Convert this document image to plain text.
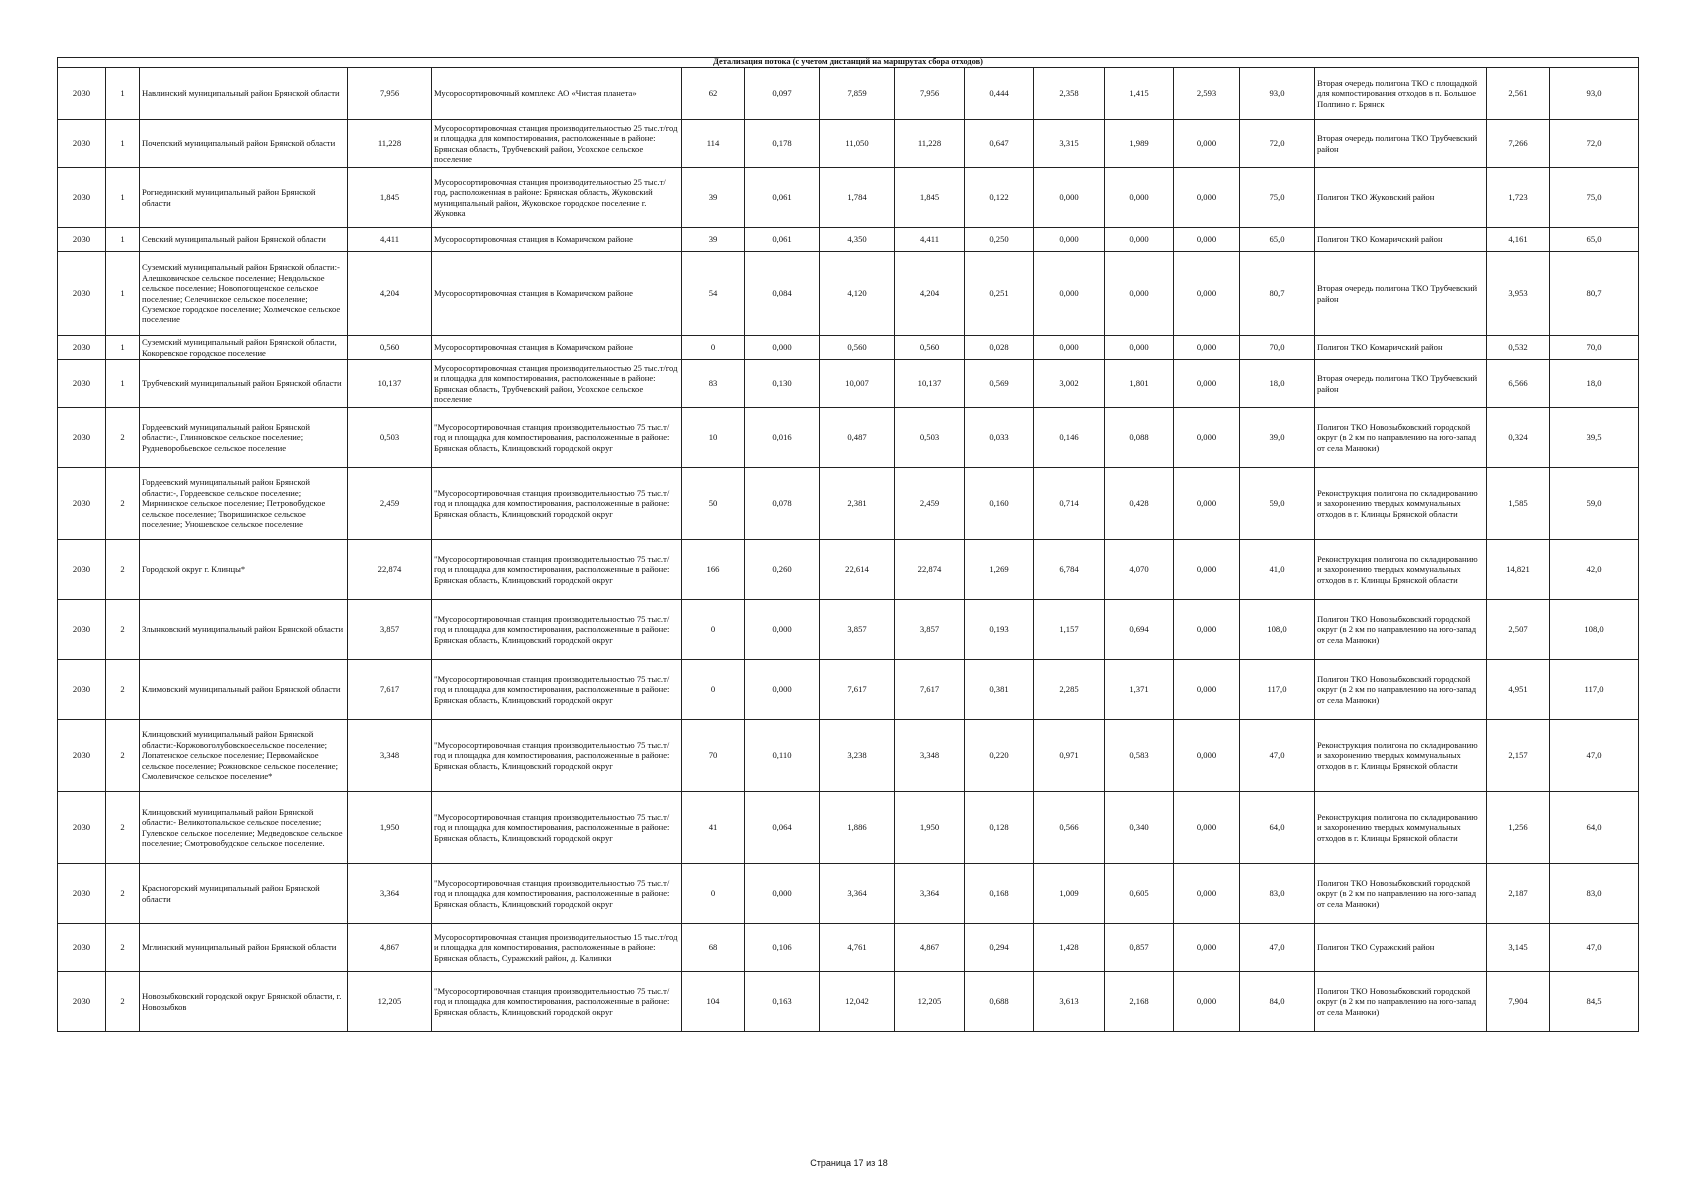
Детализация потока (с учетом дистанций на маршрутах сбора отходов)																
2030	1	Навлинский муниципальный район Брянской области	7,956	Мусоросортировочный комплекс АО «Чистая планета»	62	0,097	7,859	7,956	0,444	2,358	1,415	2,593	93,0	Вторая очередь полигона ТКО с площадкой для компостирования отходов в п. Большое Полпино г. Брянск	2,561	93,0
2030	1	Почепский муниципальный район Брянской области	11,228	Мусоросортировочная станция производительностью 25 тыс.т/год и площадка для компостирования, расположенные в районе: Брянская область, Трубчевский район, Усохское сельское поселение	114	0,178	11,050	11,228	0,647	3,315	1,989	0,000	72,0	Вторая очередь полигона ТКО Трубчевский район	7,266	72,0
2030	1	Рогнединский муниципальный район Брянской области	1,845	Мусоросортировочная станция производительностью 25 тыс.т/год, расположенная в районе: Брянская область, Жуковский муниципальный район, Жуковское городское поселение г. Жуковка	39	0,061	1,784	1,845	0,122	0,000	0,000	0,000	75,0	Полигон ТКО Жуковский район	1,723	75,0
2030	1	Севский муниципальный район Брянской области	4,411	Мусоросортировочная станция в Комаричском районе	39	0,061	4,350	4,411	0,250	0,000	0,000	0,000	65,0	Полигон ТКО Комаричский район	4,161	65,0
2030	1	Суземский муниципальный район Брянской области:- Алешковичское сельское поселение; Невдольское сельское поселение; Новопогощенское сельское поселение; Селечинское сельское поселение; Суземское городское поселение; Холмечское сельское поселение	4,204	Мусоросортировочная станция в Комаричском районе	54	0,084	4,120	4,204	0,251	0,000	0,000	0,000	80,7	Вторая очередь полигона ТКО Трубчевский район	3,953	80,7
2030	1	Суземский муниципальный район Брянской области, Кокоревское городское поселение	0,560	Мусоросортировочная станция в Комаричском районе	0	0,000	0,560	0,560	0,028	0,000	0,000	0,000	70,0	Полигон ТКО Комаричский район	0,532	70,0
2030	1	Трубчевский муниципальный район Брянской области	10,137	Мусоросортировочная станция производительностью 25 тыс.т/год и площадка для компостирования, расположенные в районе: Брянская область, Трубчевский район, Усохское сельское поселение	83	0,130	10,007	10,137	0,569	3,002	1,801	0,000	18,0	Вторая очередь полигона ТКО Трубчевский район	6,566	18,0
2030	2	Гордеевский муниципальный район Брянской области:-, Глинновское сельское поселение; Рудневоробьевское сельское поселение	0,503	"Мусоросортировочная станция производительностью 75 тыс.т/год и площадка для компостирования, расположенные в районе: Брянская область, Клинцовский городской округ	10	0,016	0,487	0,503	0,033	0,146	0,088	0,000	39,0	Полигон ТКО Новозыбковский городской округ (в 2 км по направлению на юго-запад от села Манюки)	0,324	39,5
2030	2	Гордеевский муниципальный район Брянской области:-, Гордеевское сельское поселение; Мирнинское сельское поселение; Петровобудское сельское поселение; Творишинское сельское поселение; Уношевское сельское поселение	2,459	"Мусоросортировочная станция производительностью 75 тыс.т/год и площадка для компостирования, расположенные в районе: Брянская область, Клинцовский городской округ	50	0,078	2,381	2,459	0,160	0,714	0,428	0,000	59,0	Реконструкция полигона по складированию и захоронению твердых коммунальных отходов в г. Клинцы Брянской области	1,585	59,0
2030	2	Городской округ г. Клинцы*	22,874	"Мусоросортировочная станция производительностью 75 тыс.т/год и площадка для компостирования, расположенные в районе: Брянская область, Клинцовский городской округ	166	0,260	22,614	22,874	1,269	6,784	4,070	0,000	41,0	Реконструкция полигона по складированию и захоронению твердых коммунальных отходов в г. Клинцы Брянской области	14,821	42,0
2030	2	Злынковский муниципальный район Брянской области	3,857	"Мусоросортировочная станция производительностью 75 тыс.т/год и площадка для компостирования, расположенные в районе: Брянская область, Клинцовский городской округ	0	0,000	3,857	3,857	0,193	1,157	0,694	0,000	108,0	Полигон ТКО Новозыбковский городской округ (в 2 км по направлению на юго-запад от села Манюки)	2,507	108,0
2030	2	Климовский муниципальный район Брянской области	7,617	"Мусоросортировочная станция производительностью 75 тыс.т/год и площадка для компостирования, расположенные в районе: Брянская область, Клинцовский городской округ	0	0,000	7,617	7,617	0,381	2,285	1,371	0,000	117,0	Полигон ТКО Новозыбковский городской округ (в 2 км по направлению на юго-запад от села Манюки)	4,951	117,0
2030	2	Клинцовский муниципальный район Брянской области:-Коржовоголубовскоесельское поселение; Лопатенское сельское поселение; Первомайское сельское поселение; Рожновское сельское поселение; Смолевичское сельское поселение*	3,348	"Мусоросортировочная станция производительностью 75 тыс.т/год и площадка для компостирования, расположенные в районе: Брянская область, Клинцовский городской округ	70	0,110	3,238	3,348	0,220	0,971	0,583	0,000	47,0	Реконструкция полигона по складированию и захоронению твердых коммунальных отходов в г. Клинцы Брянской области	2,157	47,0
2030	2	Клинцовский муниципальный район Брянской области:- Великотопальское сельское поселение; Гулевское сельское поселение; Медведовское сельское поселение; Смотровобудское сельское поселение.	1,950	"Мусоросортировочная станция производительностью 75 тыс.т/год и площадка для компостирования, расположенные в районе: Брянская область, Клинцовский городской округ	41	0,064	1,886	1,950	0,128	0,566	0,340	0,000	64,0	Реконструкция полигона по складированию и захоронению твердых коммунальных отходов в г. Клинцы Брянской области	1,256	64,0
2030	2	Красногорский муниципальный район Брянской области	3,364	"Мусоросортировочная станция производительностью 75 тыс.т/год и площадка для компостирования, расположенные в районе: Брянская область, Клинцовский городской округ	0	0,000	3,364	3,364	0,168	1,009	0,605	0,000	83,0	Полигон ТКО Новозыбковский городской округ (в 2 км по направлению на юго-запад от села Манюки)	2,187	83,0
2030	2	Мглинский муниципальный район Брянской области	4,867	Мусоросортировочная станция производительностью 15 тыс.т/год и площадка для компостирования, расположенные в районе: Брянская область, Суражский район, д. Калинки	68	0,106	4,761	4,867	0,294	1,428	0,857	0,000	47,0	Полигон ТКО Суражский район	3,145	47,0
2030	2	Новозыбковский городской округ Брянской области, г. Новозыбков	12,205	"Мусоросортировочная станция производительностью 75 тыс.т/год и площадка для компостирования, расположенные в районе: Брянская область, Клинцовский городской округ	104	0,163	12,042	12,205	0,688	3,613	2,168	0,000	84,0	Полигон ТКО Новозыбковский городской округ (в 2 км по направлению на юго-запад от села Манюки)	7,904	84,5
Страница 17 из 18
